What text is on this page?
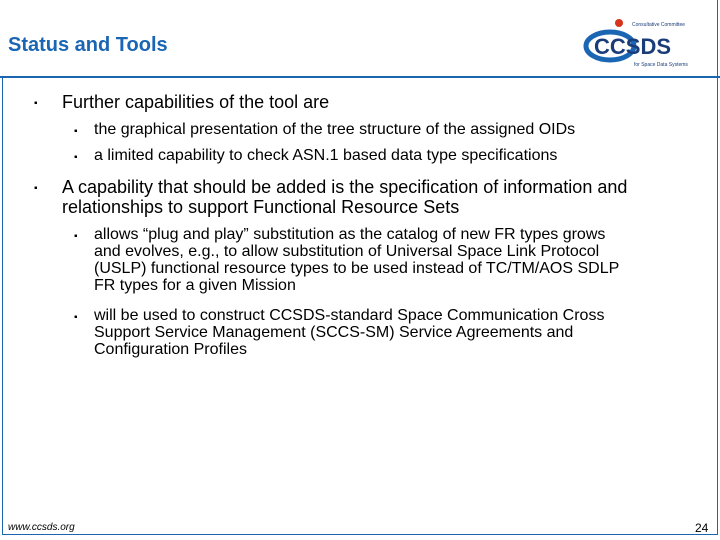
Status and Tools
Consultative Committee
CCSDS
for Space Data Systems
▪ Further capabilities of the tool are
▪ the graphical presentation of the tree structure of the assigned OIDs
▪ a limited capability to check ASN.1 based data type specifications
▪ A capability that should be added is the specification of information and
relationships to support Functional Resource Sets
▪ allows “plug and play” substitution as the catalog of new FR types grows
and evolves, e.g., to allow substitution of Universal Space Link Protocol
(USLP) functional resource types to be used instead of TC/TM/AOS SDLP
FR types for a given Mission
▪ will be used to construct CCSDS-standard Space Communication Cross
Support Service Management (SCCS-SM) Service Agreements and
Configuration Profiles
www.ccsds.org	24
